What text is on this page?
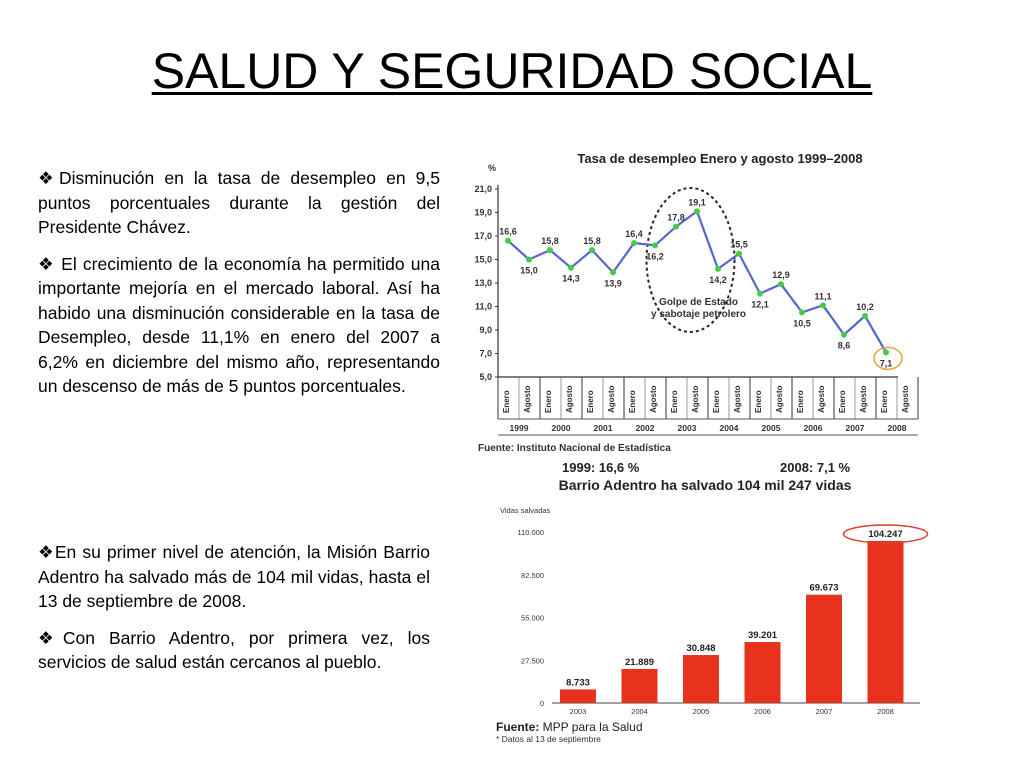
SALUD Y SEGURIDAD SOCIAL

❖Disminución en la tasa de desempleo en 9,5 puntos porcentuales durante la gestión del Presidente Chávez.

❖ El crecimiento de la economía ha permitido una importante mejoría en el mercado laboral. Así ha habido una disminución considerable en la tasa de Desempleo, desde 11,1% en enero del 2007 a 6,2% en diciembre del mismo año, representando un descenso de más de 5 puntos porcentuales.

❖En su primer nivel de atención, la Misión Barrio Adentro ha salvado más de 104 mil vidas, hasta el 13 de septiembre de 2008.

❖Con Barrio Adentro, por primera vez, los servicios de salud están cercanos al pueblo.

Tasa de desempleo Enero y agosto 1999–2008
%
21,0
19,0
17,0
15,0
13,0
11,0
9,0
7,0
5,0
Golpe de Estado
y sabotaje petrolero
16,6
15,0
15,8
14,3
15,8
13,9
16,4
16,2
17,8
19,1
14,2
15,5
12,1
12,9
10,5
11,1
8,6
10,2
7,1
Enero Agosto Enero Agosto Enero Agosto Enero Agosto Enero Agosto Enero Agosto Enero Agosto Enero Agosto Enero Agosto Enero Agosto
1999	2000	2001	2002	2003	2004	2005	2006	2007	2008
Fuente: Instituto Nacional de Estadística
1999: 16,6 %	2008: 7,1 %
Barrio Adentro ha salvado 104 mil 247 vidas
Vidas salvadas
110.000
82.500
55.000
27.500
0
8.733
2003
21.889
2004
30.848
2005
39.201
2006
69.673
2007
104.247
2008
Fuente: MPP para la Salud
* Datos al 13 de septiembre
